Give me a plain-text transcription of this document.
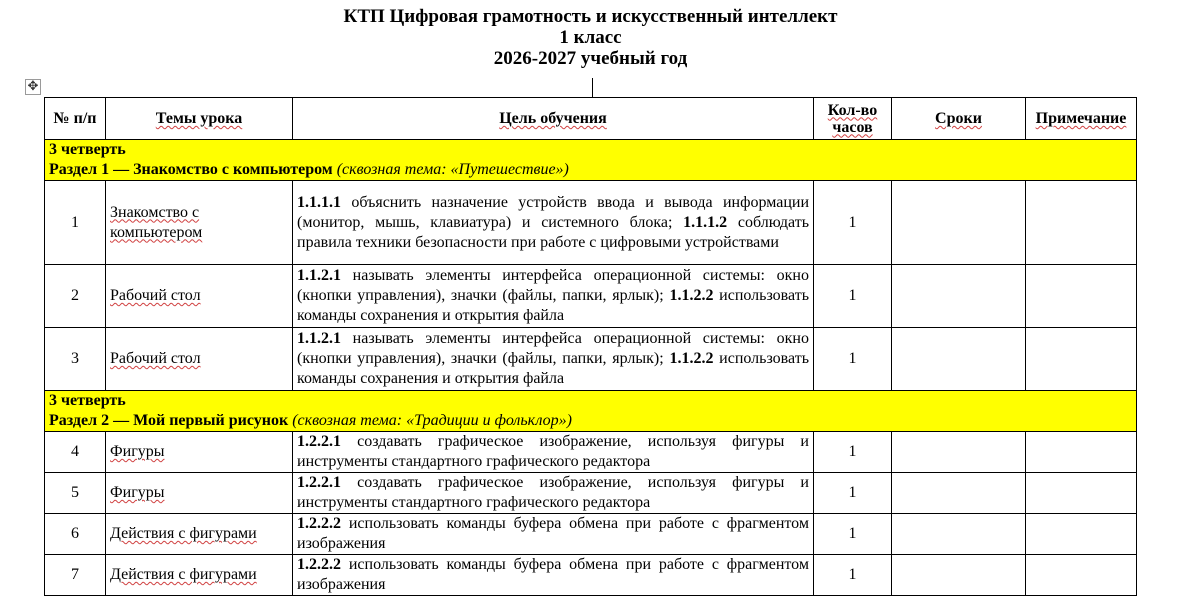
КТП Цифровая грамотность и искусственный интеллект
1 класс
2026-2027 учебный год
✥
№ п/п	Темы урока	Цель обучения	Кол-во часов	Сроки	Примечание

3 четверть
Раздел 1 — Знакомство с компьютером (сквозная тема: «Путешествие»)					

1	Знакомство с компьютером	1.1.1.1 объяснить назначение устройств ввода и вывода информации (монитор, мышь, клавиатура) и системного блока; 1.1.1.2 соблюдать правила техники безопасности при работе с цифровыми устройствами	1		
2	Рабочий стол	1.1.2.1 называть элементы интерфейса операционной системы: окно (кнопки управления), значки (файлы, папки, ярлык); 1.1.2.2 использовать команды сохранения и открытия файла	1		
3	Рабочий стол	1.1.2.1 называть элементы интерфейса операционной системы: окно (кнопки управления), значки (файлы, папки, ярлык); 1.1.2.2 использовать команды сохранения и открытия файла	1		

3 четверть
Раздел 2 — Мой первый рисунок (сквозная тема: «Традиции и фольклор»)					

4	Фигуры	1.2.2.1 создавать графическое изображение, используя фигуры и инструменты стандартного графического редактора	1		
5	Фигуры	1.2.2.1 создавать графическое изображение, используя фигуры и инструменты стандартного графического редактора	1		
6	Действия с фигурами	1.2.2.2 использовать команды буфера обмена при работе с фрагментом изображения	1		
7	Действия с фигурами	1.2.2.2 использовать команды буфера обмена при работе с фрагментом изображения	1		
